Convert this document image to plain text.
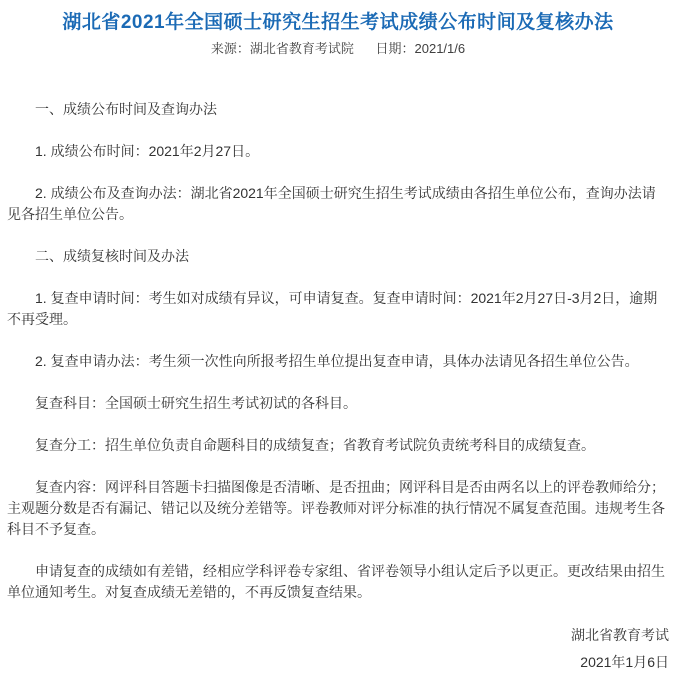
湖北省2021年全国硕士研究生招生考试成绩公布时间及复核办法
来源：湖北省教育考试院 日期：2021/1/6

一、成绩公布时间及查询办法

1. 成绩公布时间：2021年2月27日。

2. 成绩公布及查询办法：湖北省2021年全国硕士研究生招生考试成绩由各招生单位公布，查询办法请见各招生单位公告。

二、成绩复核时间及办法

1. 复查申请时间：考生如对成绩有异议，可申请复查。复查申请时间：2021年2月27日-3月2日，逾期不再受理。

2. 复查申请办法：考生须一次性向所报考招生单位提出复查申请，具体办法请见各招生单位公告。

复查科目：全国硕士研究生招生考试初试的各科目。

复查分工：招生单位负责自命题科目的成绩复查；省教育考试院负责统考科目的成绩复查。

复查内容：网评科目答题卡扫描图像是否清晰、是否扭曲；网评科目是否由两名以上的评卷教师给分；主观题分数是否有漏记、错记以及统分差错等。评卷教师对评分标准的执行情况不属复查范围。违规考生各科目不予复查。

申请复查的成绩如有差错，经相应学科评卷专家组、省评卷领导小组认定后予以更正。更改结果由招生单位通知考生。对复查成绩无差错的，不再反馈复查结果。

湖北省教育考试

2021年1月6日
